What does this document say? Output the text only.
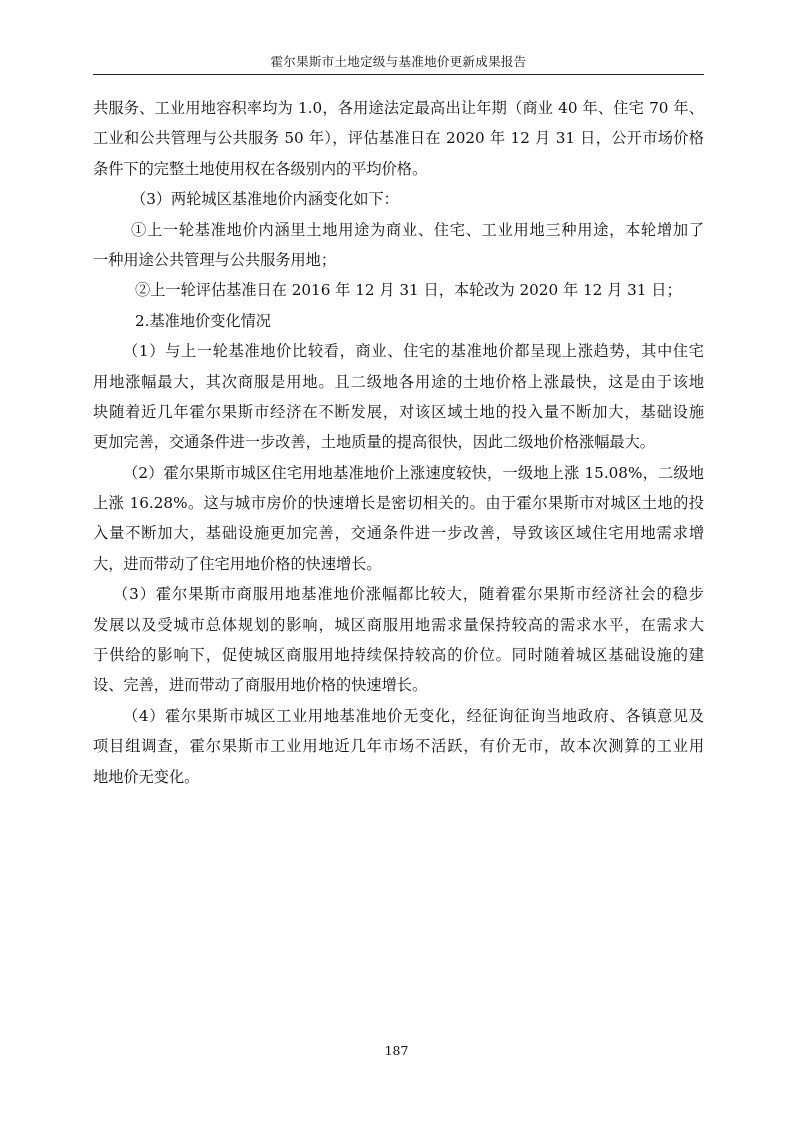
霍尔果斯市土地定级与基准地价更新成果报告
共服务、工业用地容积率均为 1.0，各用途法定最高出让年期（商业 40 年、住宅 70 年、
工业和公共管理与公共服务 50 年），评估基准日在 2020 年 12 月 31 日，公开市场价格
条件下的完整土地使用权在各级别内的平均价格。
（3）两轮城区基准地价内涵变化如下：
①上一轮基准地价内涵里土地用途为商业、住宅、工业用地三种用途，本轮增加了
一种用途公共管理与公共服务用地；
②上一轮评估基准日在 2016 年 12 月 31 日，本轮改为 2020 年 12 月 31 日；
2.基准地价变化情况
（1）与上一轮基准地价比较看，商业、住宅的基准地价都呈现上涨趋势，其中住宅
用地涨幅最大，其次商服是用地。且二级地各用途的土地价格上涨最快，这是由于该地
块随着近几年霍尔果斯市经济在不断发展，对该区域土地的投入量不断加大，基础设施
更加完善，交通条件进一步改善，土地质量的提高很快，因此二级地价格涨幅最大。
（2）霍尔果斯市城区住宅用地基准地价上涨速度较快，一级地上涨 15.08%，二级地
上涨 16.28%。这与城市房价的快速增长是密切相关的。由于霍尔果斯市对城区土地的投
入量不断加大，基础设施更加完善，交通条件进一步改善，导致该区域住宅用地需求增
大，进而带动了住宅用地价格的快速增长。
（3）霍尔果斯市商服用地基准地价涨幅都比较大，随着霍尔果斯市经济社会的稳步
发展以及受城市总体规划的影响，城区商服用地需求量保持较高的需求水平，在需求大
于供给的影响下，促使城区商服用地持续保持较高的价位。同时随着城区基础设施的建
设、完善，进而带动了商服用地价格的快速增长。
（4）霍尔果斯市城区工业用地基准地价无变化，经征询征询当地政府、各镇意见及
项目组调查，霍尔果斯市工业用地近几年市场不活跃，有价无市，故本次测算的工业用
地地价无变化。
187
